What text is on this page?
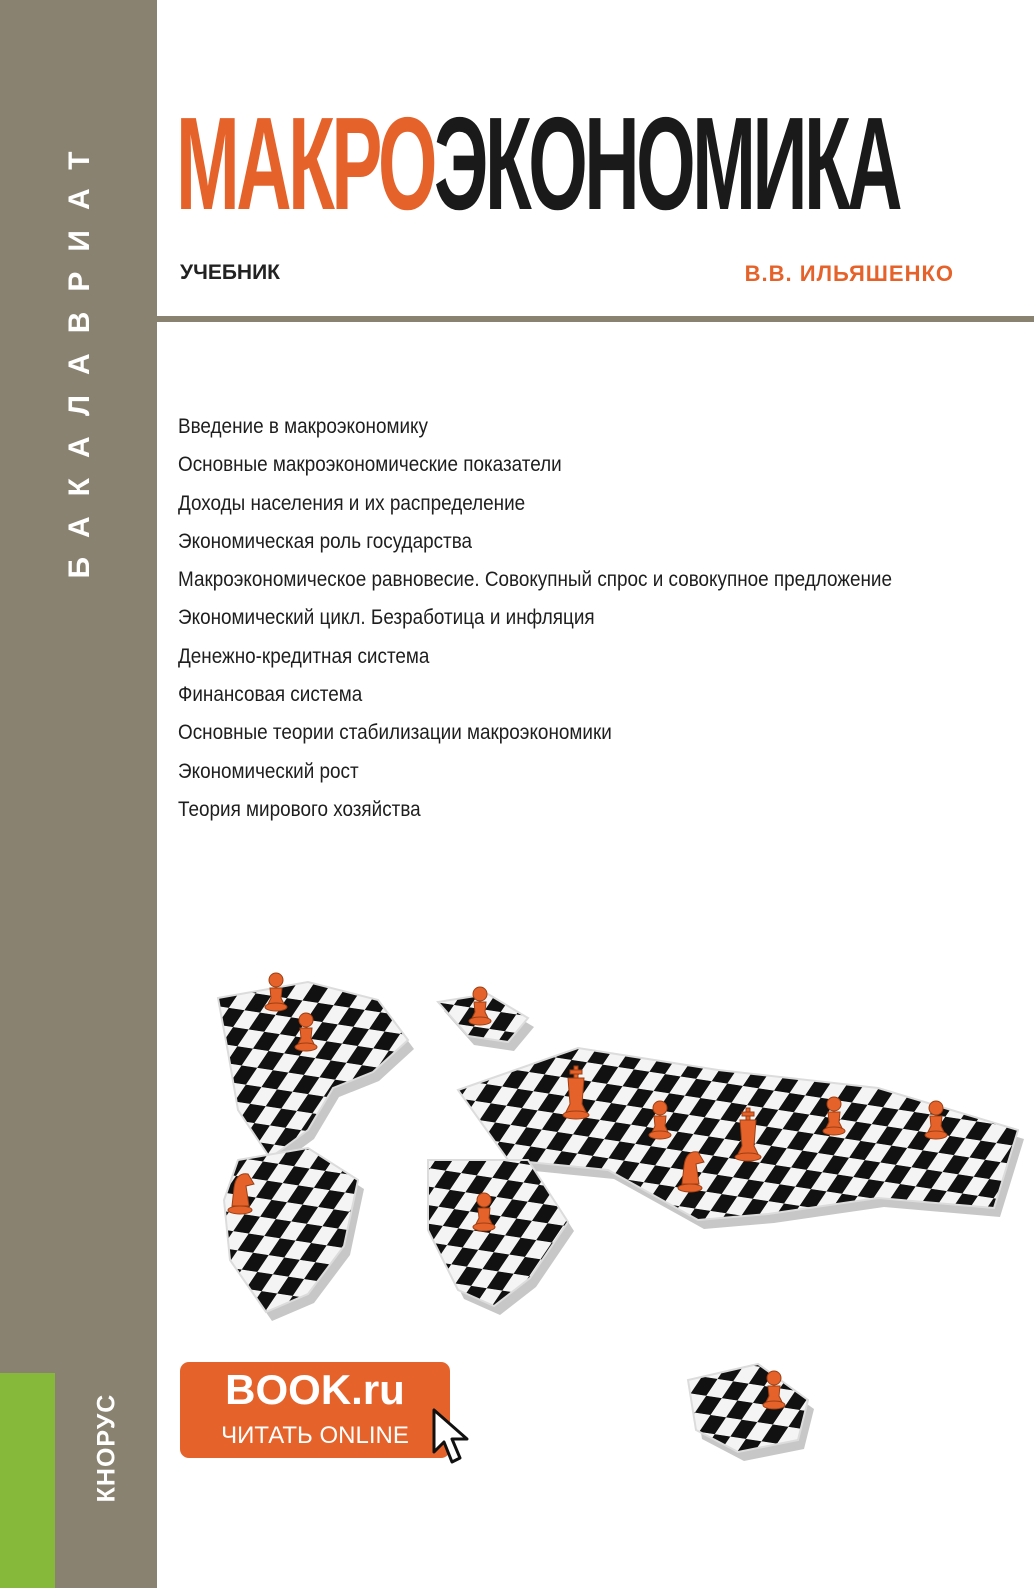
БАКАЛАВРИАТ
КНОРУС
МАКРОЭКОНОМИКА
УЧЕБНИК	В.В. ИЛЬЯШЕНКО
Введение в макроэкономику
Основные макроэкономические показатели
Доходы населения и их распределение
Экономическая роль государства
Макроэкономическое равновесие. Совокупный спрос и совокупное предложение
Экономический цикл. Безработица и инфляция
Денежно-кредитная система
Финансовая система
Основные теории стабилизации макроэкономики
Экономический рост
Теория мирового хозяйства
BOOK.ru
ЧИТАТЬ ONLINE
